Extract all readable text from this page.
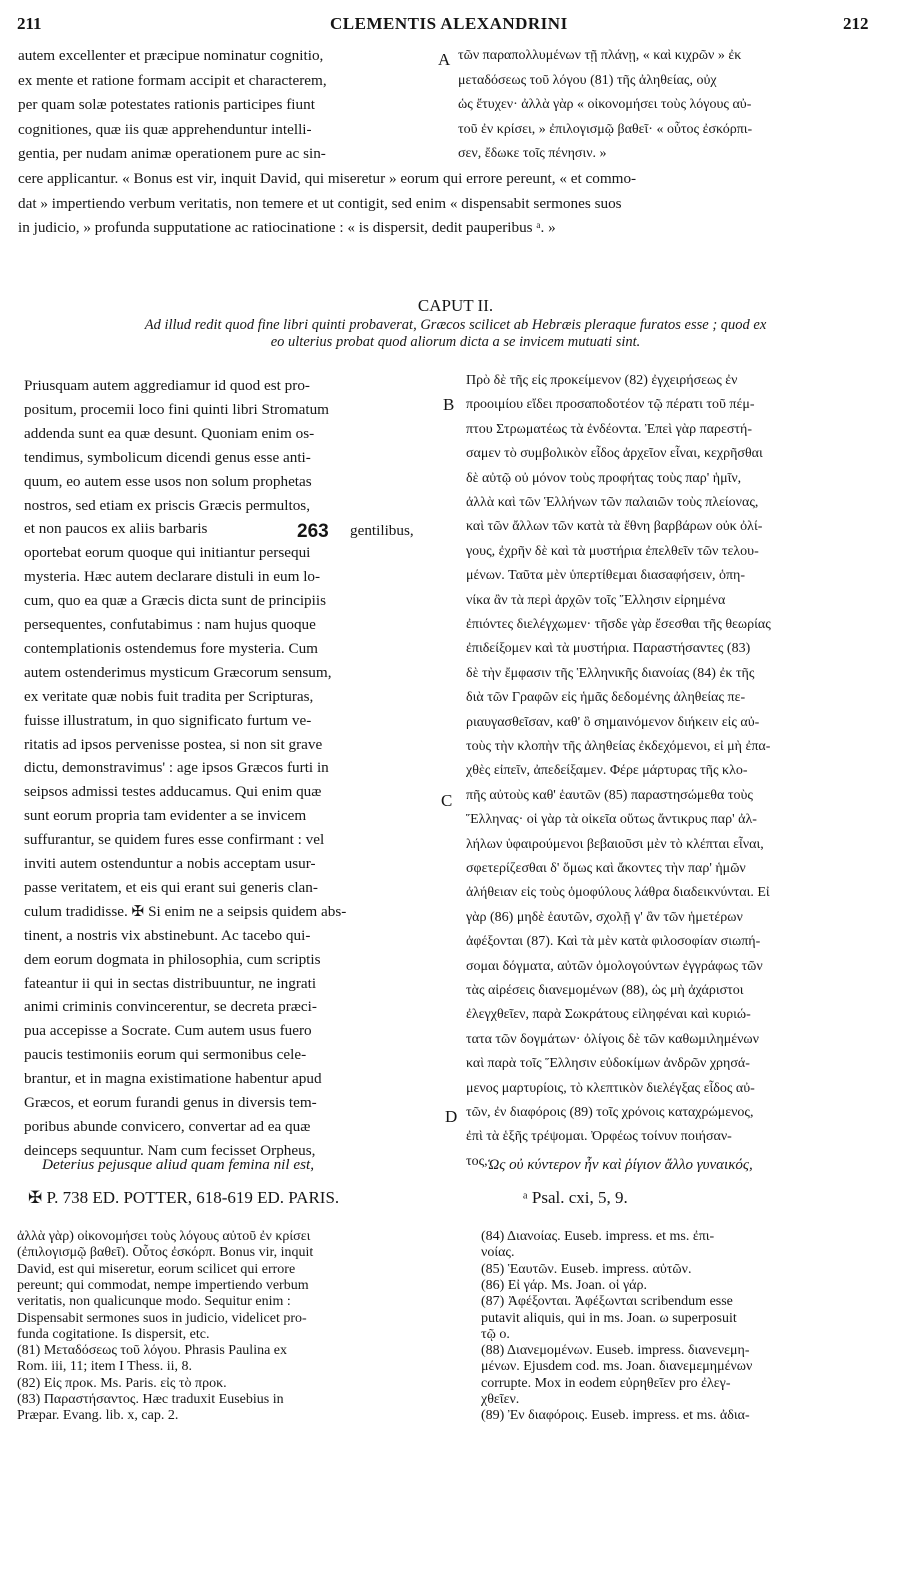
211	CLEMENTIS ALEXANDRINI	212
autem excellenter et præcipue nominatur cognitio,
ex mente et ratione formam accipit et characterem,
per quam solæ potestates rationis participes fiunt
cognitiones, quæ iis quæ apprehenduntur intelli-
gentia, per nudam animæ operationem pure ac sin-
τῶν παραπολλυμένων τῇ πλάνῃ, « καὶ κιχρῶν » ἐκ
μεταδόσεως τοῦ λόγου (81) τῆς ἀληθείας, οὐχ
ὡς ἔτυχεν· ἀλλὰ γὰρ « οἰκονομήσει τοὺς λόγους αὐ-
τοῦ ἐν κρίσει, » ἐπιλογισμῷ βαθεῖ· « οὗτος ἐσκόρπι-
σεν, ἔδωκε τοῖς πένησιν. »
cere applicantur. « Bonus est vir, inquit David, qui miseretur » eorum qui errore pereunt, « et commo-
dat » impertiendo verbum veritatis, non temere et ut contigit, sed enim « dispensabit sermones suos
in judicio, » profunda supputatione ac ratiocinatione : « is dispersit, dedit pauperibus ᵃ. »
A
CAPUT II.
Ad illud redit quod fine libri quinti probaverat, Græcos scilicet ab Hebræis pleraque furatos esse ; quod ex
eo ulterius probat quod aliorum dicta a se invicem mutuati sint.
Priusquam autem aggrediamur id quod est pro-
positum, procemii loco fini quinti libri Stromatum
addenda sunt ea quæ desunt. Quoniam enim os-
tendimus, symbolicum dicendi genus esse anti-
quum, eo autem esse usos non solum prophetas
nostros, sed etiam ex priscis Græcis permultos,
et non paucos ex aliis barbaris
oportebat eorum quoque qui initiantur persequi
mysteria. Hæc autem declarare distuli in eum lo-
cum, quo ea quæ a Græcis dicta sunt de principiis
persequentes, confutabimus : nam hujus quoque
contemplationis ostendemus fore mysteria. Cum
autem ostenderimus mysticum Græcorum sensum,
ex veritate quæ nobis fuit tradita per Scripturas,
fuisse illustratum, in quo significato furtum ve-
ritatis ad ipsos pervenisse postea, si non sit grave
dictu, demonstravimus' : age ipsos Græcos furti in
seipsos admissi testes adducamus. Qui enim quæ
sunt eorum propria tam evidenter a se invicem
suffurantur, se quidem fures esse confirmant : vel
inviti autem ostenduntur a nobis acceptam usur-
passe veritatem, et eis qui erant sui generis clan-
culum tradidisse. ✠ Si enim ne a seipsis quidem abs-
tinent, a nostris vix abstinebunt. Ac tacebo qui-
dem eorum dogmata in philosophia, cum scriptis
fateantur ii qui in sectas distribuuntur, ne ingrati
animi criminis convincerentur, se decreta præci-
pua accepisse a Socrate. Cum autem usus fuero
paucis testimoniis eorum qui sermonibus cele-
brantur, et in magna existimatione habentur apud
Græcos, et eorum furandi genus in diversis tem-
poribus abunde convicero, convertar ad ea quæ
deinceps sequuntur. Nam cum fecisset Orpheus,
Πρὸ δὲ τῆς εἰς προκείμενον (82) ἐγχειρήσεως ἐν
προοιμίου εἴδει προσαποδοτέον τῷ πέρατι τοῦ πέμ-
πτου Στρωματέως τὰ ἐνδέοντα. Ἐπεὶ γὰρ παρεστή-
σαμεν τὸ συμβολικὸν εἶδος ἀρχεῖον εἶναι, κεχρῆσθαι
δὲ αὐτῷ οὐ μόνον τοὺς προφήτας τοὺς παρ' ἡμῖν,
ἀλλὰ καὶ τῶν Ἑλλήνων τῶν παλαιῶν τοὺς πλείονας,
καὶ τῶν ἄλλων τῶν κατὰ τὰ ἔθνη βαρβάρων οὐκ ὀλί-
γους, ἐχρῆν δὲ καὶ τὰ μυστήρια ἐπελθεῖν τῶν τελου-
μένων. Ταῦτα μὲν ὑπερτίθεμαι διασαφήσειν, ὁπη-
νίκα ἂν τὰ περὶ ἀρχῶν τοῖς Ἕλλησιν εἰρημένα
ἐπιόντες διελέγχωμεν· τῆσδε γὰρ ἔσεσθαι τῆς θεωρίας
ἐπιδείξομεν καὶ τὰ μυστήρια. Παραστήσαντες (83)
δὲ τὴν ἔμφασιν τῆς Ἑλληνικῆς διανοίας (84) ἐκ τῆς
διὰ τῶν Γραφῶν εἰς ἡμᾶς δεδομένης ἀληθείας πε-
ριαυγασθεῖσαν, καθ' ὃ σημαινόμενον διήκειν εἰς αὐ-
τοὺς τὴν κλοπὴν τῆς ἀληθείας ἐκδεχόμενοι, εἰ μὴ ἐπα-
χθὲς εἰπεῖν, ἀπεδείξαμεν. Φέρε μάρτυρας τῆς κλο-
πῆς αὐτοὺς καθ' ἑαυτῶν (85) παραστησώμεθα τοὺς
Ἕλληνας· οἱ γὰρ τὰ οἰκεῖα οὕτως ἄντικρυς παρ' ἀλ-
λήλων ὑφαιρούμενοι βεβαιοῦσι μὲν τὸ κλέπται εἶναι,
σφετερίζεσθαι δ' ὅμως καὶ ἄκοντες τὴν παρ' ἡμῶν
ἀλήθειαν εἰς τοὺς ὁμοφύλους λάθρα διαδεικνύνται. Εἰ
γὰρ (86) μηδὲ ἑαυτῶν, σχολῇ γ' ἂν τῶν ἡμετέρων
ἀφέξονται (87). Καὶ τὰ μὲν κατὰ φιλοσοφίαν σιωπή-
σομαι δόγματα, αὐτῶν ὁμολογούντων ἐγγράφως τῶν
τὰς αἱρέσεις διανεμομένων (88), ὡς μὴ ἀχάριστοι
ἐλεγχθεῖεν, παρὰ Σωκράτους εἰληφέναι καὶ κυριώ-
τατα τῶν δογμάτων· ὀλίγοις δὲ τῶν καθωμιλημένων
καὶ παρὰ τοῖς Ἕλλησιν εὐδοκίμων ἀνδρῶν χρησά-
μενος μαρτυρίοις, τὸ κλεπτικὸν διελέγξας εἶδος αὐ-
τῶν, ἐν διαφόροις (89) τοῖς χρόνοις καταχρώμενος,
ἐπὶ τὰ ἑξῆς τρέψομαι. Ὀρφέως τοίνυν ποιήσαν-
τος,
263 gentilibus,
B
C
D
Deterius pejusque aliud quam femina nil est,	Ὡς οὐ κύντερον ἦν καὶ ῥίγιον ἄλλο γυναικός,
✠ P. 738 ED. POTTER, 618-619 ED. PARIS.	ᵃ Psal. cxi, 5, 9.
ἀλλὰ γὰρ) οἰκονομήσει τοὺς λόγους αὐτοῦ ἐν κρίσει
(ἐπιλογισμῷ βαθεῖ). Οὗτος ἐσκόρπ. Bonus vir, inquit
David, est qui miseretur, eorum scilicet qui errore
pereunt; qui commodat, nempe impertiendo verbum
veritatis, non qualicunque modo. Sequitur enim :
Dispensabit sermones suos in judicio, videlicet pro-
funda cogitatione. Is dispersit, etc.
(81) Μεταδόσεως τοῦ λόγου. Phrasis Paulina ex
Rom. iii, 11; item I Thess. ii, 8.
(82) Εἰς προκ. Ms. Paris. εἰς τὸ προκ.
(83) Παραστήσαντος. Hæc traduxit Eusebius in
Præpar. Evang. lib. x, cap. 2.
(84) Διανοίας. Euseb. impress. et ms. ἐπι-
νοίας.
(85) Ἑαυτῶν. Euseb. impress. αὐτῶν.
(86) Εἰ γάρ. Ms. Joan. οἱ γάρ.
(87) Ἀφέξονται. Ἀφέξωνται scribendum esse
putavit aliquis, qui in ms. Joan. ω superposuit
τῷ ο.
(88) Διανεμομένων. Euseb. impress. διανενεμη-
μένων. Ejusdem cod. ms. Joan. διανεμεμημένων
corrupte. Mox in eodem εὐρηθεῖεν pro ἐλεγ-
χθεῖεν.
(89) Ἐν διαφόροις. Euseb. impress. et ms. ἀδια-
